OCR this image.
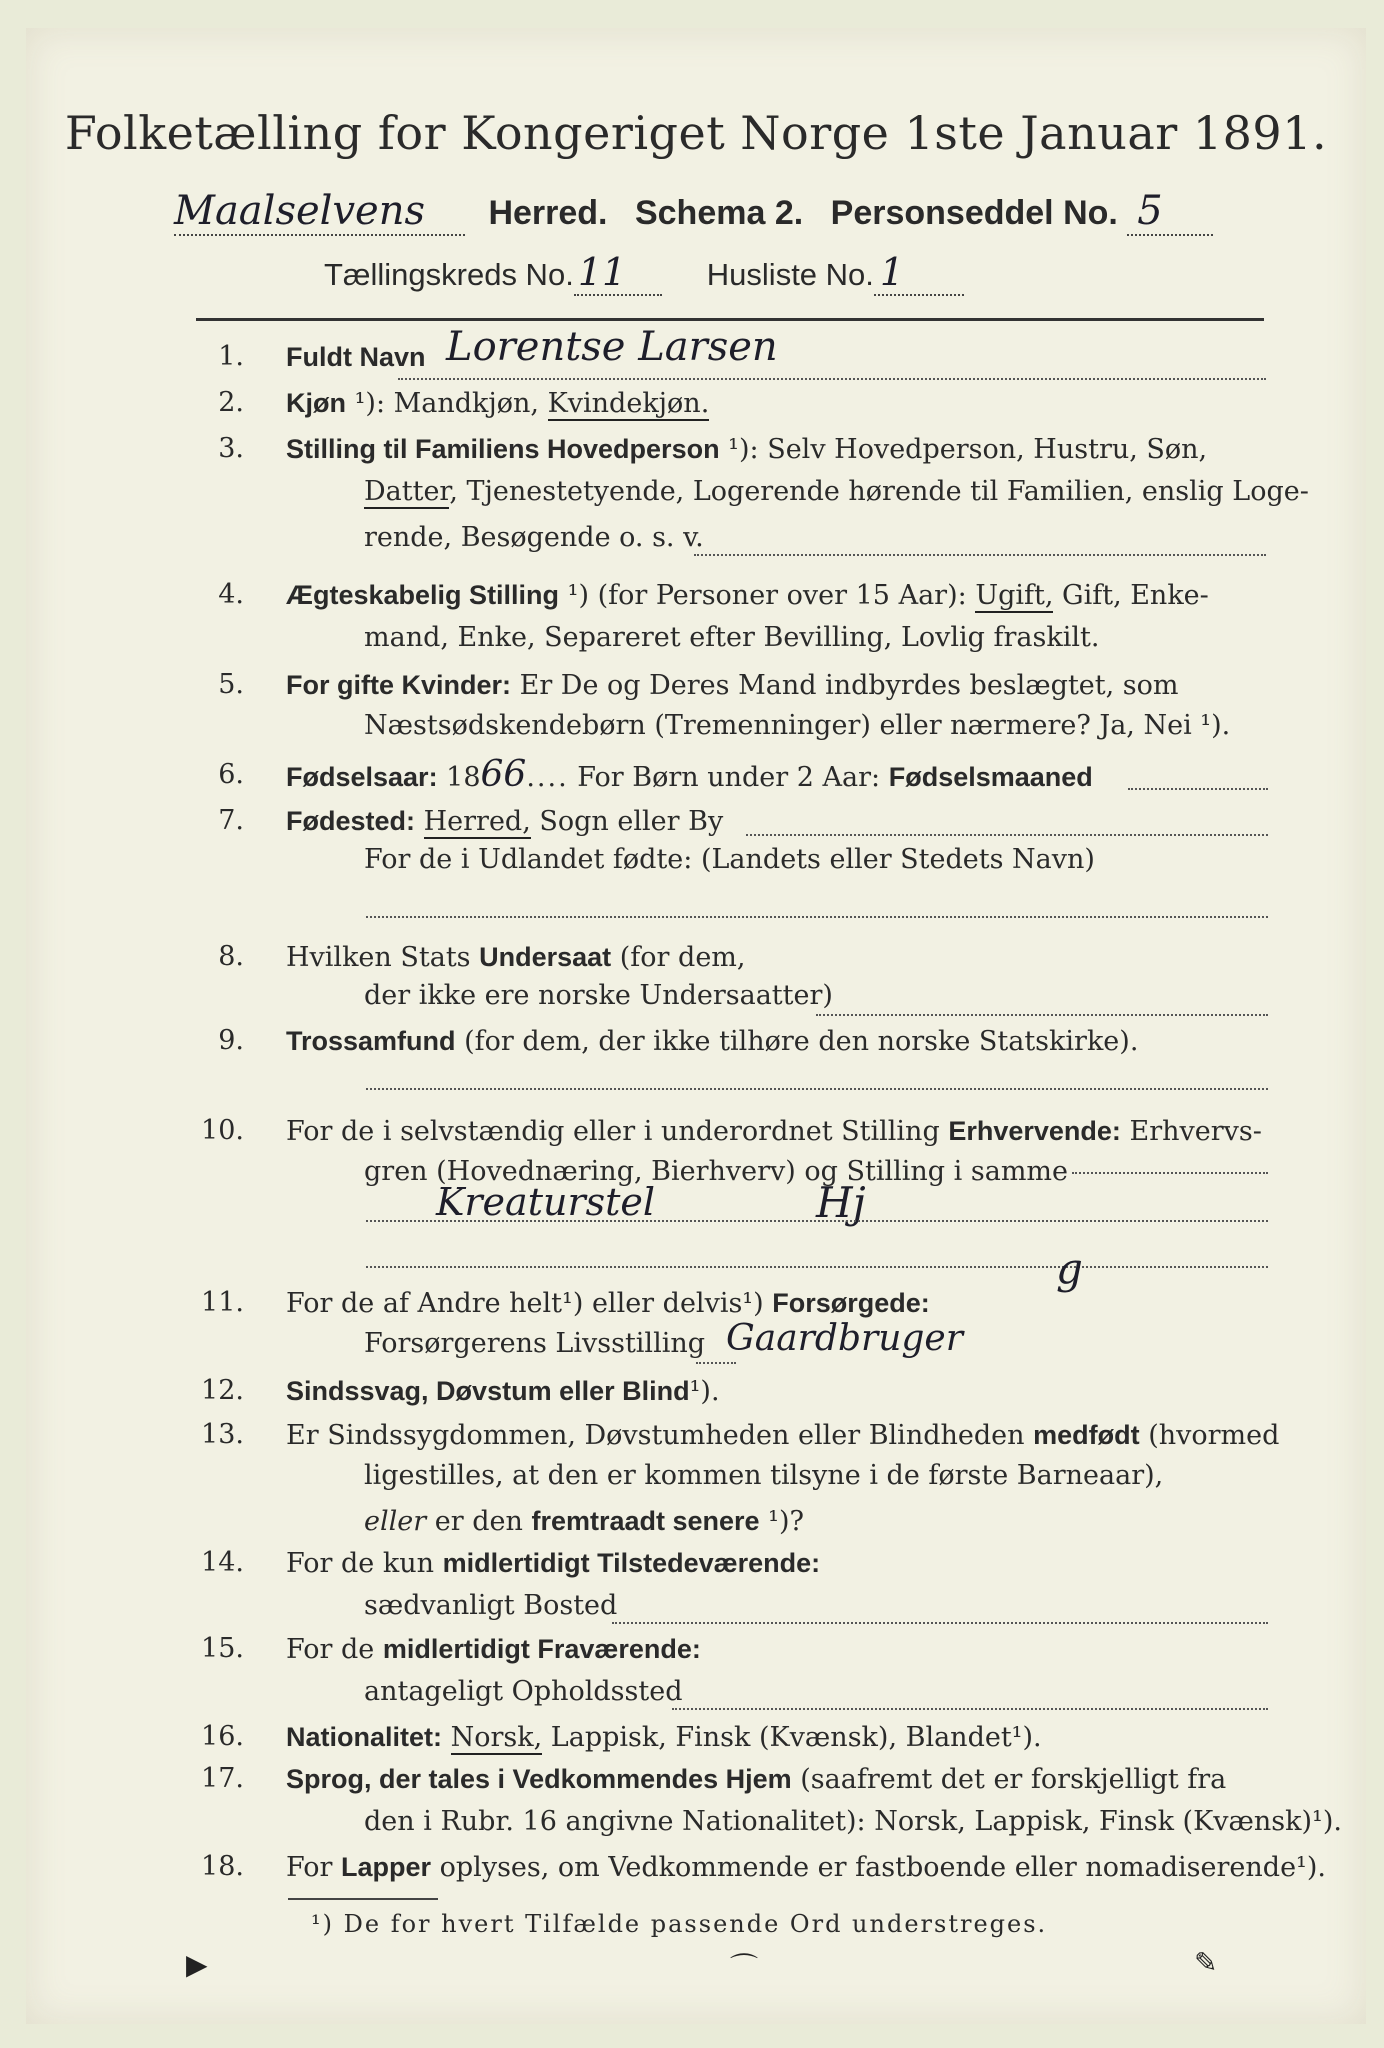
Folketælling for Kongeriget Norge 1ste Januar 1891.
Maalselvens Herred. Schema 2. Personseddel No. 5
Tællingskreds No. 11	Husliste No. 1
1. Fuldt Navn Lorentse Larsen
2. Kjøn ¹): Mandkjøn, Kvindekjøn.
3. Stilling til Familiens Hovedperson ¹): Selv Hovedperson, Hustru, Søn,
Datter, Tjenestetyende, Logerende hørende til Familien, enslig Loge-
rende, Besøgende o. s. v.
4. Ægteskabelig Stilling ¹) (for Personer over 15 Aar): Ugift, Gift, Enke-
mand, Enke, Separeret efter Bevilling, Lovlig fraskilt.
5. For gifte Kvinder: Er De og Deres Mand indbyrdes beslægtet, som
Næstsødskendebørn (Tremenninger) eller nærmere? Ja, Nei ¹).
6. Fødselsaar: 1866.... For Børn under 2 Aar: Fødselsmaaned
7. Fødested: Herred, Sogn eller By
For de i Udlandet fødte: (Landets eller Stedets Navn)
8. Hvilken Stats Undersaat (for dem,
der ikke ere norske Undersaatter)
9. Trossamfund (for dem, der ikke tilhøre den norske Statskirke).
10. For de i selvstændig eller i underordnet Stilling Erhvervende: Erhvervs-
gren (Hovednæring, Bierhverv) og Stilling i samme
Kreaturstel	Hj
11. For de af Andre helt¹) eller delvis¹) Forsørgede:
g
Forsørgerens Livsstilling Gaardbruger
12. Sindssvag, Døvstum eller Blind¹).
13. Er Sindssygdommen, Døvstumheden eller Blindheden medfødt (hvormed
ligestilles, at den er kommen tilsyne i de første Barneaar),
eller er den fremtraadt senere ¹)?
14. For de kun midlertidigt Tilstedeværende:
sædvanligt Bosted
15. For de midlertidigt Fraværende:
antageligt Opholdssted
16. Nationalitet: Norsk, Lappisk, Finsk (Kvænsk), Blandet¹).
17. Sprog, der tales i Vedkommendes Hjem (saafremt det er forskjelligt fra
den i Rubr. 16 angivne Nationalitet): Norsk, Lappisk, Finsk (Kvænsk)¹).
18. For Lapper oplyses, om Vedkommende er fastboende eller nomadiserende¹).
¹) De for hvert Tilfælde passende Ord understreges.
▶	⌒	✎
